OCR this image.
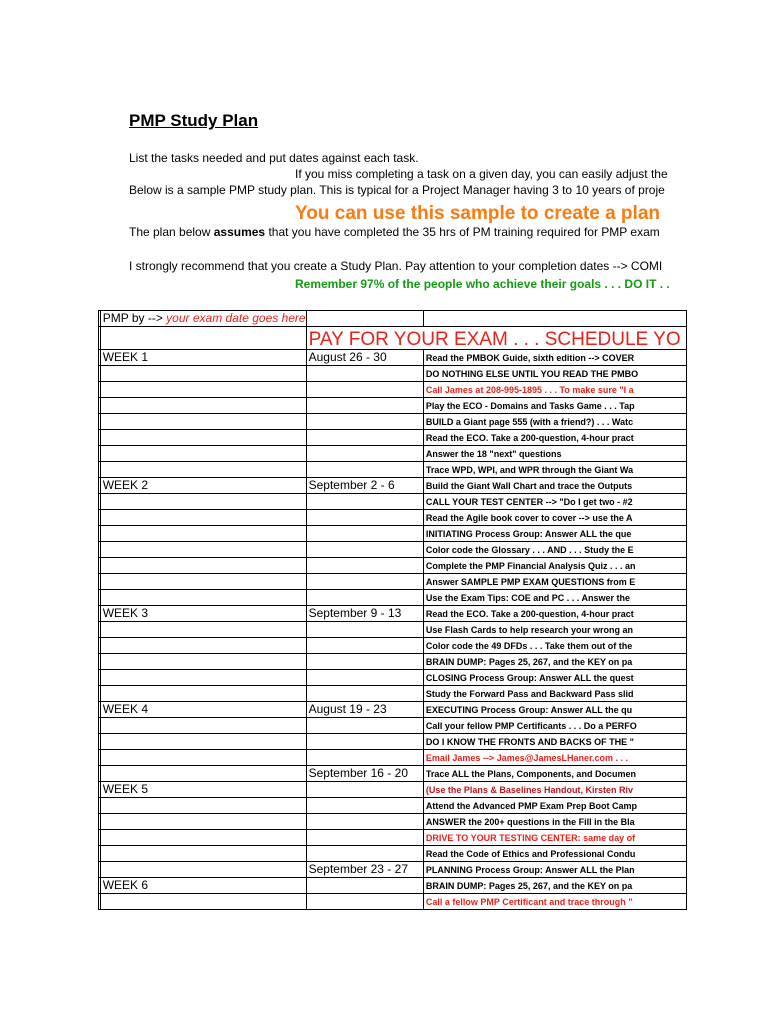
PMP Study Plan
List the tasks needed and put dates against each task.
If you miss completing a task on a given day, you can easily adjust the
Below is a sample PMP study plan. This is typical for a Project Manager having 3 to 10 years of proje
You can use this sample to create a plan
The plan below assumes that you have completed the 35 hrs of PM training required for PMP exam
I strongly recommend that you create a Study Plan. Pay attention to your completion dates --> COMI
Remember 97% of the people who achieve their goals . . . DO IT . .
	PMP by --> your exam date goes here		
		PAY FOR YOUR EXAM . . . SCHEDULE YO	
	WEEK 1	August 26 - 30	Read the PMBOK Guide, sixth edition --> COVER
			DO NOTHING ELSE UNTIL YOU READ THE PMBO
			Call James at 208-995-1895 . . . To make sure "I a
			Play the ECO - Domains and Tasks Game . . . Tap
			BUILD a Giant page 555 (with a friend?) . . . Watc
			Read the ECO. Take a 200-question, 4-hour pract
			Answer the 18 "next" questions
			Trace WPD, WPI, and WPR through the Giant Wa
	WEEK 2	September 2 - 6	Build the Giant Wall Chart and trace the Outputs
			CALL YOUR TEST CENTER --> "Do I get two - #2
			Read the Agile book cover to cover --> use the A
			INITIATING Process Group: Answer ALL the que
			Color code the Glossary . . . AND . . . Study the E
			Complete the PMP Financial Analysis Quiz . . . an
			Answer SAMPLE PMP EXAM QUESTIONS from E
			Use the Exam Tips: COE and PC . . . Answer the
	WEEK 3	September 9 - 13	Read the ECO. Take a 200-question, 4-hour pract
			Use Flash Cards to help research your wrong an
			Color code the 49 DFDs . . . Take them out of the
			BRAIN DUMP: Pages 25, 267, and the KEY on pa
			CLOSING Process Group: Answer ALL the quest
			Study the Forward Pass and Backward Pass slid
	WEEK 4	August 19 - 23	EXECUTING Process Group: Answer ALL the qu
			Call your fellow PMP Certificants . . . Do a PERFO
			DO I KNOW THE FRONTS AND BACKS OF THE "
			Email James --> James@JamesLHaner.com . . .
		September 16 - 20	Trace ALL the Plans, Components, and Documen
	WEEK 5		(Use the Plans & Baselines Handout, Kirsten Riv
			Attend the Advanced PMP Exam Prep Boot Camp
			ANSWER the 200+ questions in the Fill in the Bla
			DRIVE TO YOUR TESTING CENTER: same day of
			Read the Code of Ethics and Professional Condu
		September 23 - 27	PLANNING Process Group: Answer ALL the Plan
	WEEK 6		BRAIN DUMP: Pages 25, 267, and the KEY on pa
			Call a fellow PMP Certificant and trace through "
